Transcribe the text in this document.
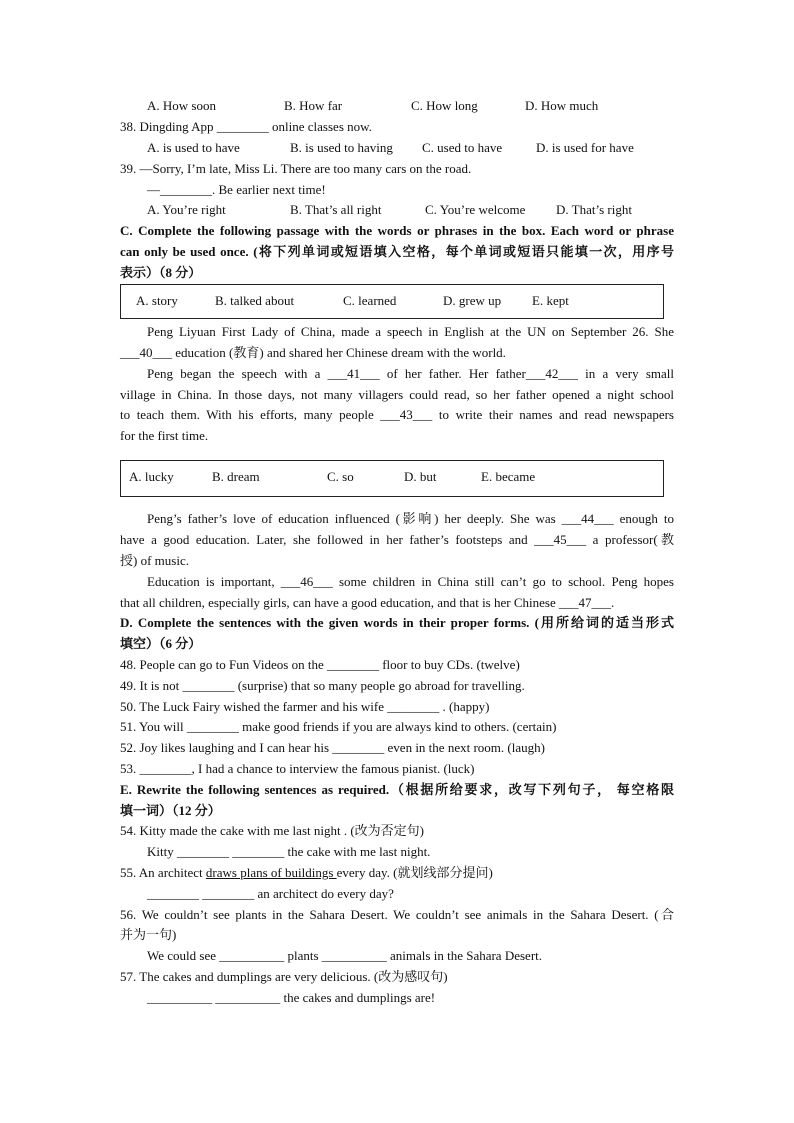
A. How soon	B. How far	C. How long	D. How much
38. Dingding App ________ online classes now.
A. is used to have	B. is used to having C. used to have	D. is used for have
39. —Sorry, I’m late, Miss Li. There are too many cars on the road.
—________. Be earlier next time!
A. You’re right	B. That’s all right	C. You’re welcome D. That’s right
C. Complete the following passage with the words or phrases in the box. Each word or phrase
can only be used once. (将下列单词或短语填入空格，每个单词或短语只能填一次，用序号
表示）（8 分）
A. story	B. talked about	C. learned	D. grew up E. kept
Peng Liyuan First Lady of China, made a speech in English at the UN on September 26. She
___40___ education (教育) and shared her Chinese dream with the world.
Peng began the speech with a ___41___ of her father. Her father___42___ in a very small
village in China. In those days, not many villagers could read, so her father opened a night school
to teach them. With his efforts, many people ___43___ to write their names and read newspapers
for the first time.
A. lucky	B. dream	C. so	D. but	E. became
Peng’s father’s love of education influenced (影响) her deeply. She was ___44___ enough to
have a good education. Later, she followed in her father’s footsteps and ___45___ a professor(教
授) of music.
Education is important, ___46___ some children in China still can’t go to school. Peng hopes
that all children, especially girls, can have a good education, and that is her Chinese ___47___.
D. Complete the sentences with the given words in their proper forms. (用所给词的适当形式
填空）（6 分）
48. People can go to Fun Videos on the ________ floor to buy CDs. (twelve)
49. It is not ________ (surprise) that so many people go abroad for travelling.
50. The Luck Fairy wished the farmer and his wife ________ . (happy)
51. You will ________ make good friends if you are always kind to others. (certain)
52. Joy likes laughing and I can hear his ________ even in the next room. (laugh)
53. ________, I had a chance to interview the famous pianist. (luck)
E. Rewrite the following sentences as required.（根据所给要求，改写下列句子， 每空格限
填一词）（12 分）
54. Kitty made the cake with me last night . (改为否定句)
Kitty ________ ________ the cake with me last night.
55. An architect draws plans of buildings every day. (就划线部分提问)
________ ________ an architect do every day?
56. We couldn’t see plants in the Sahara Desert. We couldn’t see animals in the Sahara Desert. (合
并为一句)
We could see __________ plants __________ animals in the Sahara Desert.
57. The cakes and dumplings are very delicious. (改为感叹句)
__________ __________ the cakes and dumplings are!
